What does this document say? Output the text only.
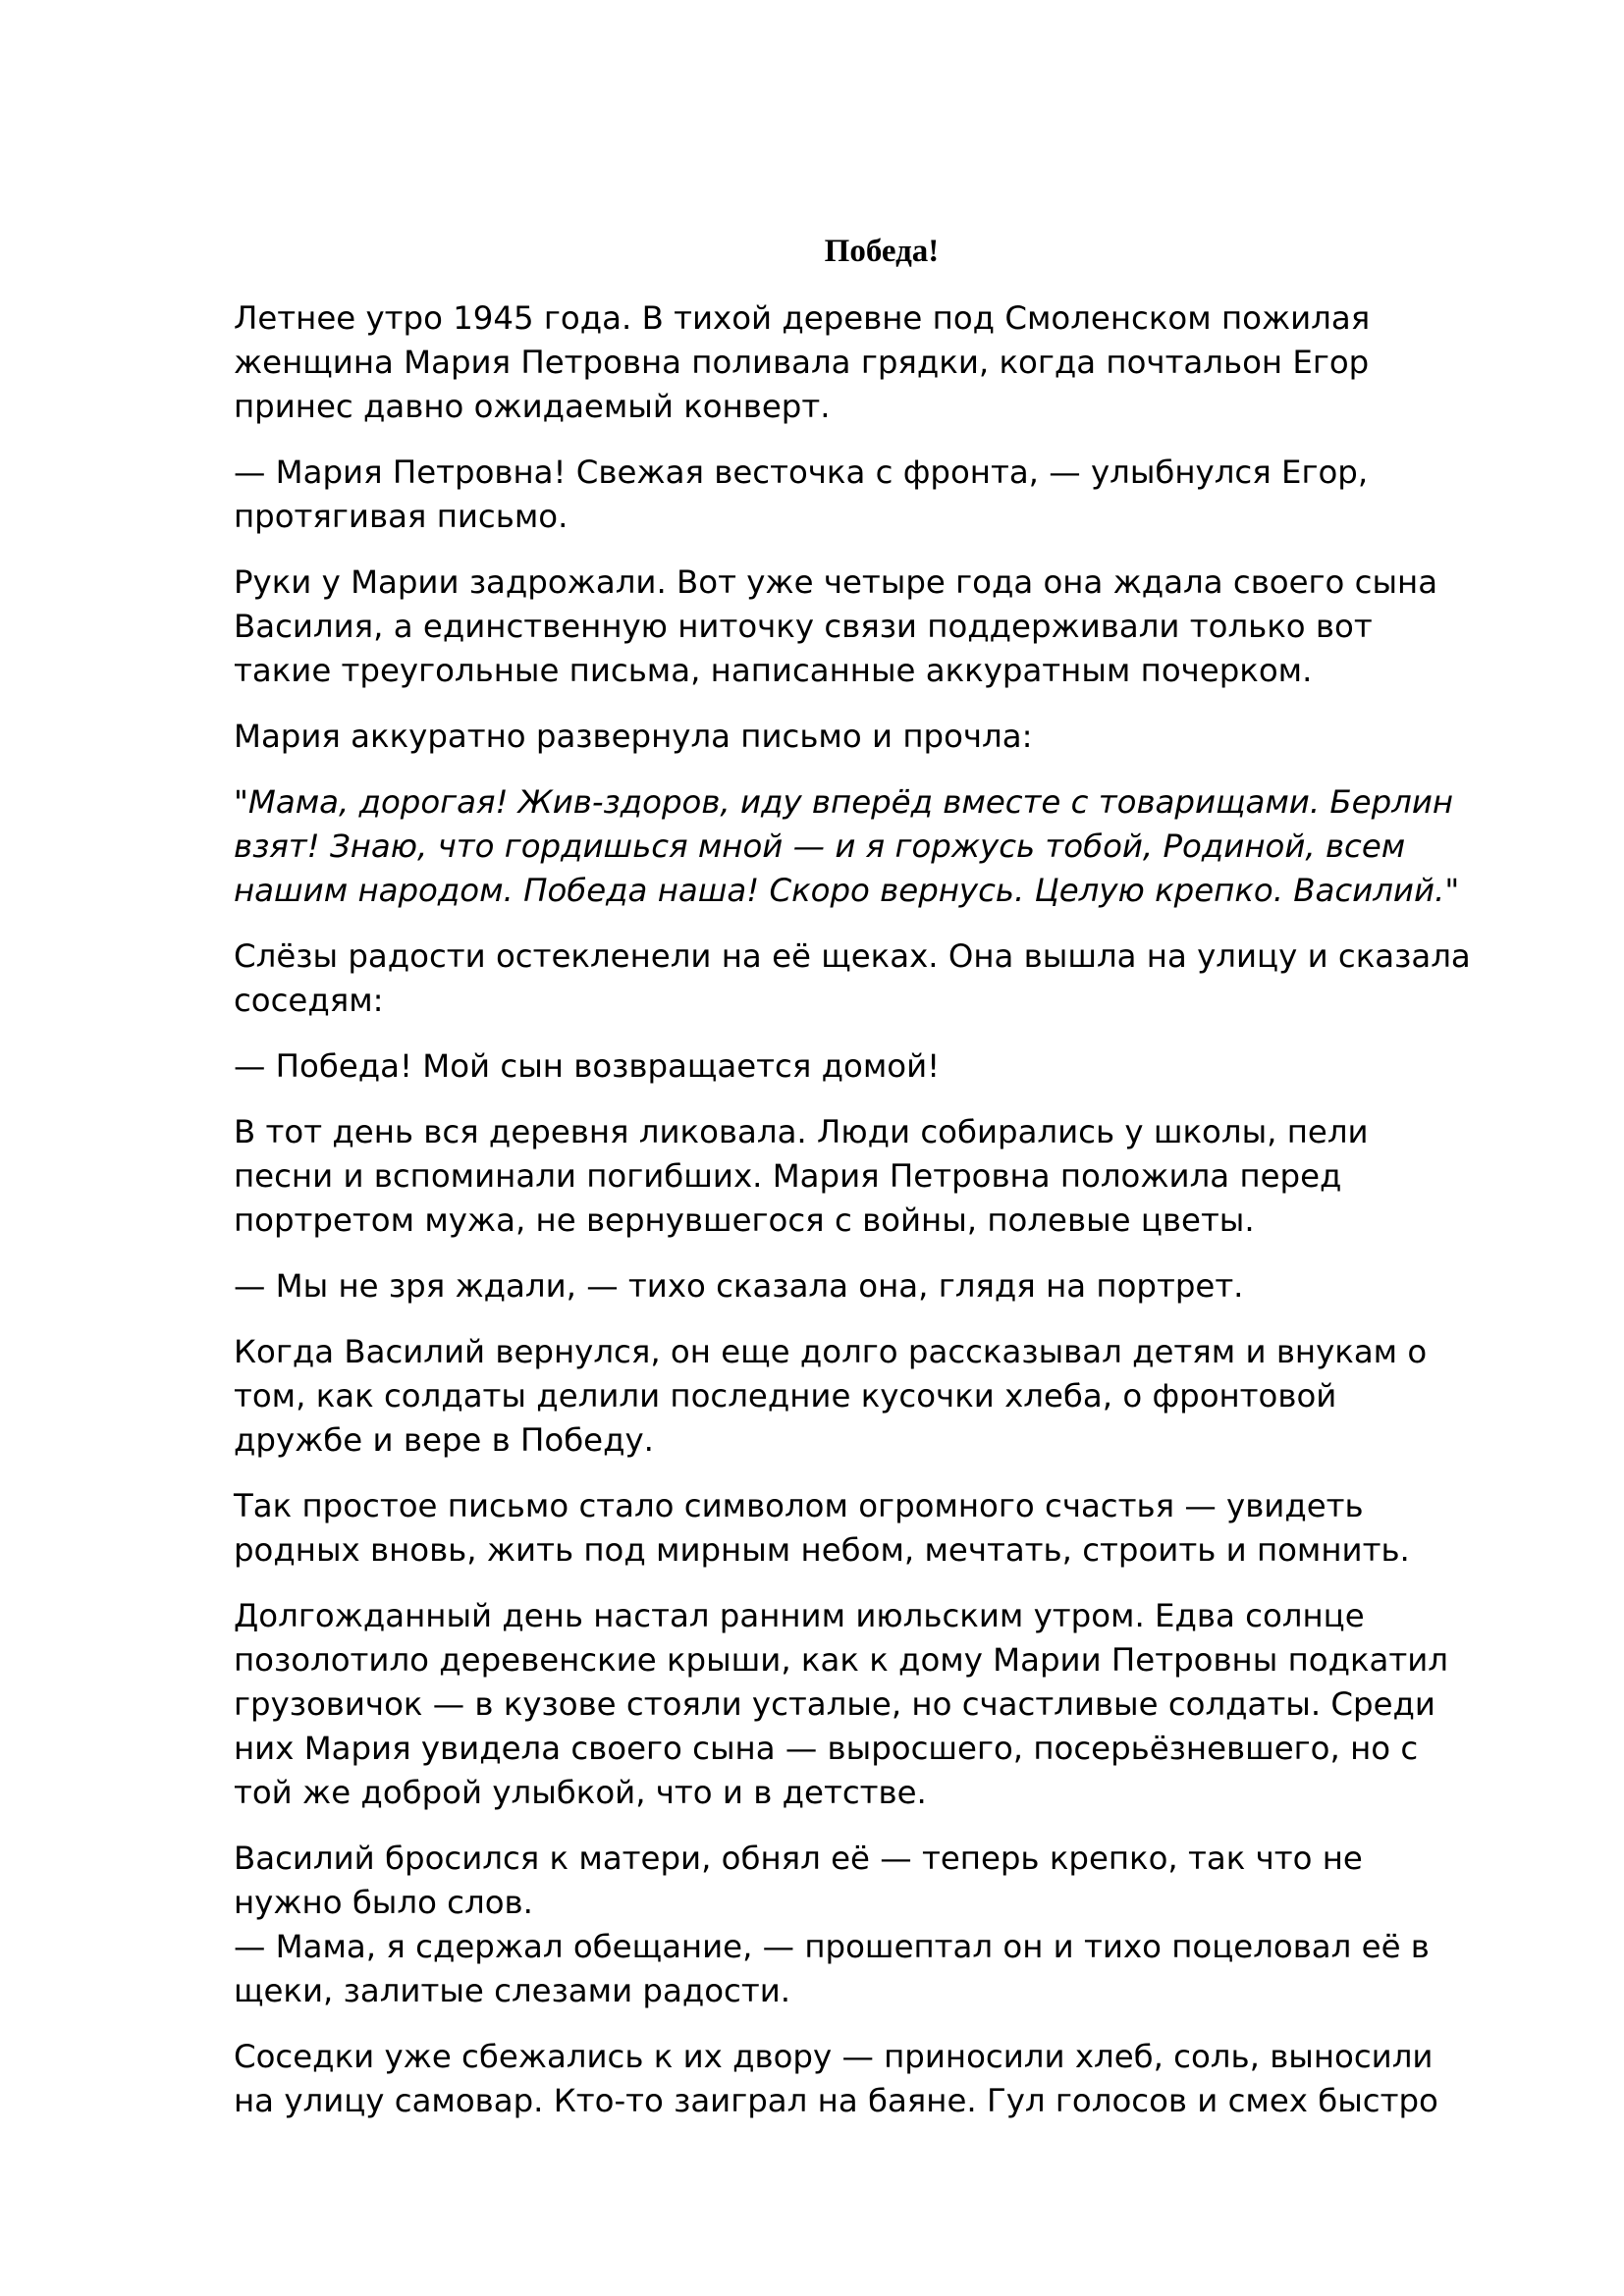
Победа!

Летнее утро 1945 года. В тихой деревне под Смоленском пожилая
женщина Мария Петровна поливала грядки, когда почтальон Егор
принес давно ожидаемый конверт.

— Мария Петровна! Свежая весточка с фронта, — улыбнулся Егор,
протягивая письмо.

Руки у Марии задрожали. Вот уже четыре года она ждала своего сына
Василия, а единственную ниточку связи поддерживали только вот
такие треугольные письма, написанные аккуратным почерком.

Мария аккуратно развернула письмо и прочла:

"Мама, дорогая! Жив-здоров, иду вперёд вместе с товарищами. Берлин
взят! Знаю, что гордишься мной — и я горжусь тобой, Родиной, всем
нашим народом. Победа наша! Скоро вернусь. Целую крепко. Василий."

Слёзы радости остекленели на её щеках. Она вышла на улицу и сказала
соседям:

— Победа! Мой сын возвращается домой!

В тот день вся деревня ликовала. Люди собирались у школы, пели
песни и вспоминали погибших. Мария Петровна положила перед
портретом мужа, не вернувшегося с войны, полевые цветы.

— Мы не зря ждали, — тихо сказала она, глядя на портрет.

Когда Василий вернулся, он еще долго рассказывал детям и внукам о
том, как солдаты делили последние кусочки хлеба, о фронтовой
дружбе и вере в Победу.

Так простое письмо стало символом огромного счастья — увидеть
родных вновь, жить под мирным небом, мечтать, строить и помнить.

Долгожданный день настал ранним июльским утром. Едва солнце
позолотило деревенские крыши, как к дому Марии Петровны подкатил
грузовичок — в кузове стояли усталые, но счастливые солдаты. Среди
них Мария увидела своего сына — выросшего, посерьёзневшего, но с
той же доброй улыбкой, что и в детстве.

Василий бросился к матери, обнял её — теперь крепко, так что не
нужно было слов.
— Мама, я сдержал обещание, — прошептал он и тихо поцеловал её в
щеки, залитые слезами радости.

Соседки уже сбежались к их двору — приносили хлеб, соль, выносили
на улицу самовар. Кто-то заиграл на баяне. Гул голосов и смех быстро
